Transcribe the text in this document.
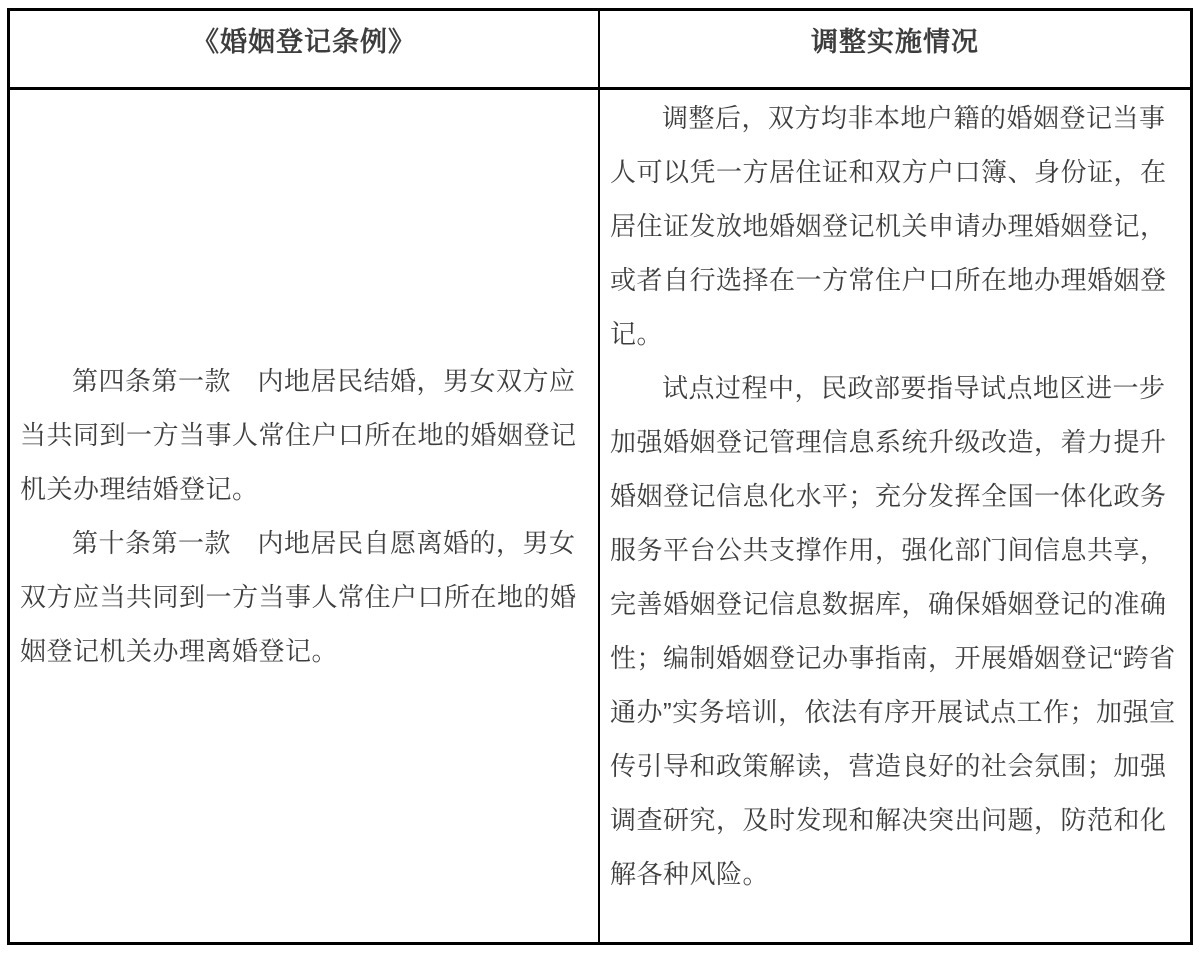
《婚姻登记条例》	调整实施情况

第四条第一款　内地居民结婚，男女双方应当共同到一方当事人常住户口所在地的婚姻登记机关办理结婚登记。

第十条第一款　内地居民自愿离婚的，男女双方应当共同到一方当事人常住户口所在地的婚姻登记机关办理离婚登记。

调整后，双方均非本地户籍的婚姻登记当事人可以凭一方居住证和双方户口簿、身份证，在居住证发放地婚姻登记机关申请办理婚姻登记，或者自行选择在一方常住户口所在地办理婚姻登记。

试点过程中，民政部要指导试点地区进一步加强婚姻登记管理信息系统升级改造，着力提升婚姻登记信息化水平；充分发挥全国一体化政务服务平台公共支撑作用，强化部门间信息共享，完善婚姻登记信息数据库，确保婚姻登记的准确性；编制婚姻登记办事指南，开展婚姻登记“跨省通办”实务培训，依法有序开展试点工作；加强宣传引导和政策解读，营造良好的社会氛围；加强调查研究，及时发现和解决突出问题，防范和化解各种风险。
